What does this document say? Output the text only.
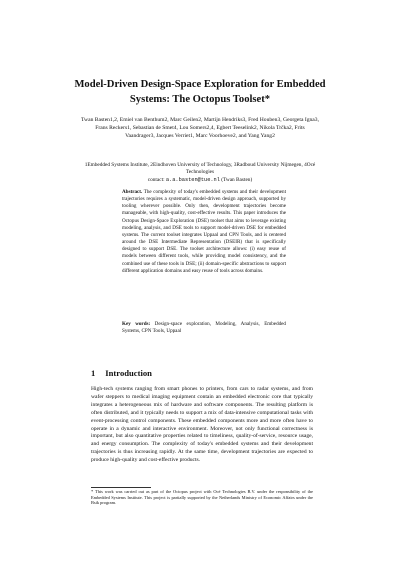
Model-Driven Design-Space Exploration for Embedded Systems: The Octopus Toolset*
Twan Basten1,2, Emiel van Benthum2, Marc Geilen2, Martijn Hendriks3, Fred Houben3, Georgeta Igna3, Frans Reckers1, Sebastian de Smet4, Lou Somers2,4, Egbert Teeselink2, Nikola Trčka2, Frits Vaandrager3, Jacques Verriet1, Marc Voorhoeve2, and Yang Yang2
1Embedded Systems Institute, 2Eindhoven University of Technology, 3Radboud University Nijmegen, 4Océ Technologies
contact: a.a.basten@tue.nl (Twan Basten)
Abstract. The complexity of today's embedded systems and their development trajectories requires a systematic, model-driven design approach, supported by tooling wherever possible. Only then, development trajectories become manageable, with high-quality, cost-effective results. This paper introduces the Octopus Design-Space Exploration (DSE) toolset that aims to leverage existing modeling, analysis, and DSE tools to support model-driven DSE for embedded systems. The current toolset integrates Uppaal and CPN Tools, and is centered around the DSE Intermediate Representation (DSEIR) that is specifically designed to support DSE. The toolset architecture allows: (i) easy reuse of models between different tools, while providing model consistency, and the combined use of these tools in DSE; (ii) domain-specific abstractions to support different application domains and easy reuse of tools across domains.
Key words: Design-space exploration, Modeling, Analysis, Embedded Systems, CPN Tools, Uppaal
1 Introduction
High-tech systems ranging from smart phones to printers, from cars to radar systems, and from wafer steppers to medical imaging equipment contain an embedded electronic core that typically integrates a heterogeneous mix of hardware and software components. The resulting platform is often distributed, and it typically needs to support a mix of data-intensive computational tasks with event-processing control components. These embedded components more and more often have to operate in a dynamic and interactive environment. Moreover, not only functional correctness is important, but also quantitative properties related to timeliness, quality-of-service, resource usage, and energy consumption. The complexity of today's embedded systems and their development trajectories is thus increasing rapidly. At the same time, development trajectories are expected to produce high-quality and cost-effective products.
* This work was carried out as part of the Octopus project with Océ Technologies B.V. under the responsibility of the Embedded Systems Institute. This project is partially supported by the Netherlands Ministry of Economic Affairs under the Bsik program.
